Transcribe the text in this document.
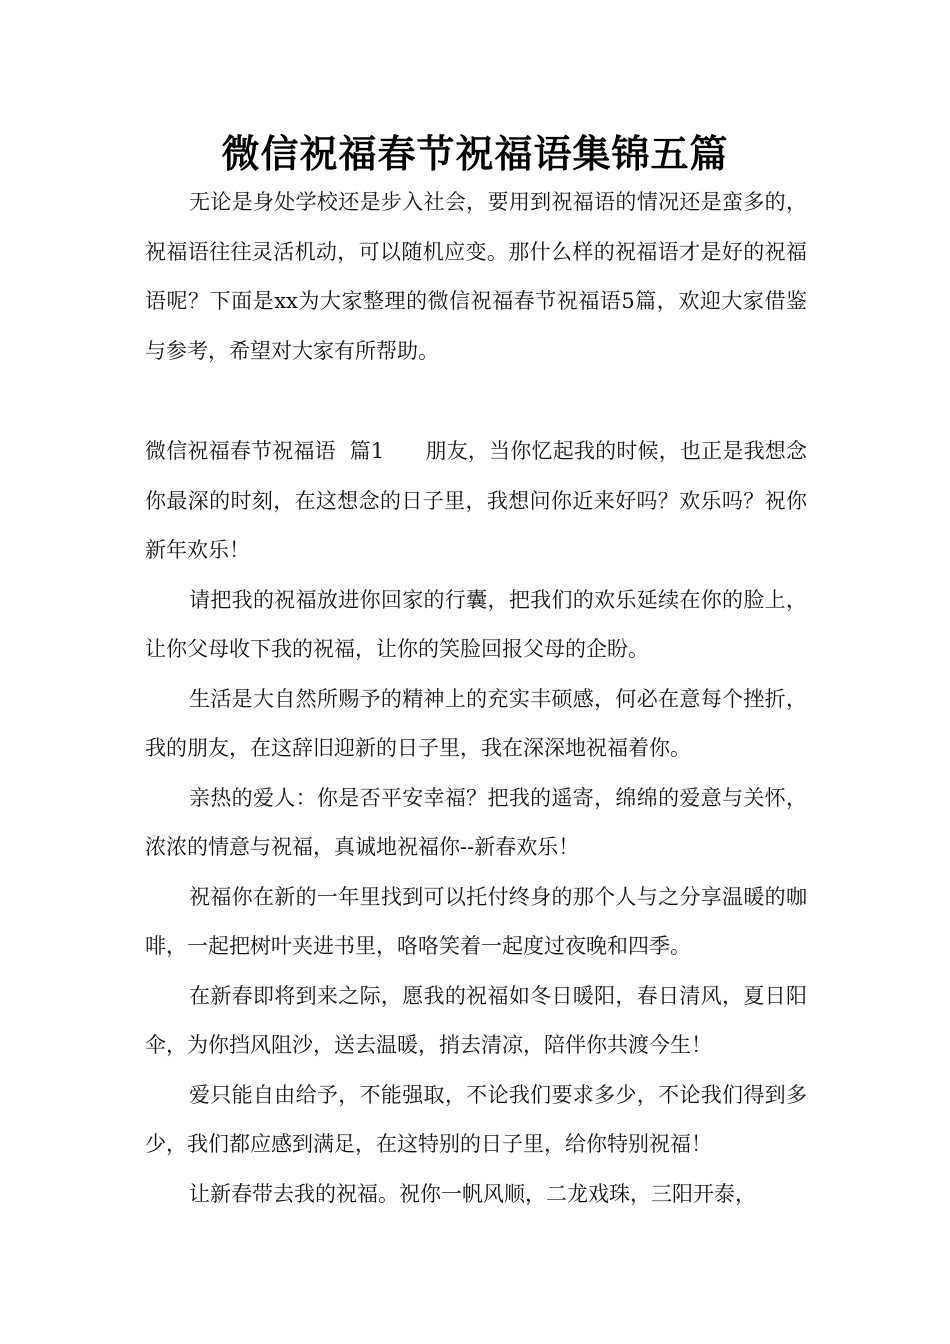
微信祝福春节祝福语集锦五篇

无论是身处学校还是步入社会，要用到祝福语的情况还是蛮多的，祝福语往往灵活机动，可以随机应变。那什么样的祝福语才是好的祝福语呢？下面是xx为大家整理的微信祝福春节祝福语5篇，欢迎大家借鉴与参考，希望对大家有所帮助。

微信祝福春节祝福语  篇1      朋友，当你忆起我的时候，也正是我想念你最深的时刻，在这想念的日子里，我想问你近来好吗？欢乐吗？祝你新年欢乐！

请把我的祝福放进你回家的行囊，把我们的欢乐延续在你的脸上，让你父母收下我的祝福，让你的笑脸回报父母的企盼。

生活是大自然所赐予的精神上的充实丰硕感，何必在意每个挫折，我的朋友，在这辞旧迎新的日子里，我在深深地祝福着你。

亲热的爱人：你是否平安幸福？把我的遥寄，绵绵的爱意与关怀，浓浓的情意与祝福，真诚地祝福你--新春欢乐！

祝福你在新的一年里找到可以托付终身的那个人与之分享温暖的咖啡，一起把树叶夹进书里，咯咯笑着一起度过夜晚和四季。

在新春即将到来之际，愿我的祝福如冬日暖阳，春日清风，夏日阳伞，为你挡风阻沙，送去温暖，捎去清凉，陪伴你共渡今生！

爱只能自由给予，不能强取，不论我们要求多少，不论我们得到多少，我们都应感到满足，在这特别的日子里，给你特别祝福！

让新春带去我的祝福。祝你一帆风顺，二龙戏珠，三阳开泰，
